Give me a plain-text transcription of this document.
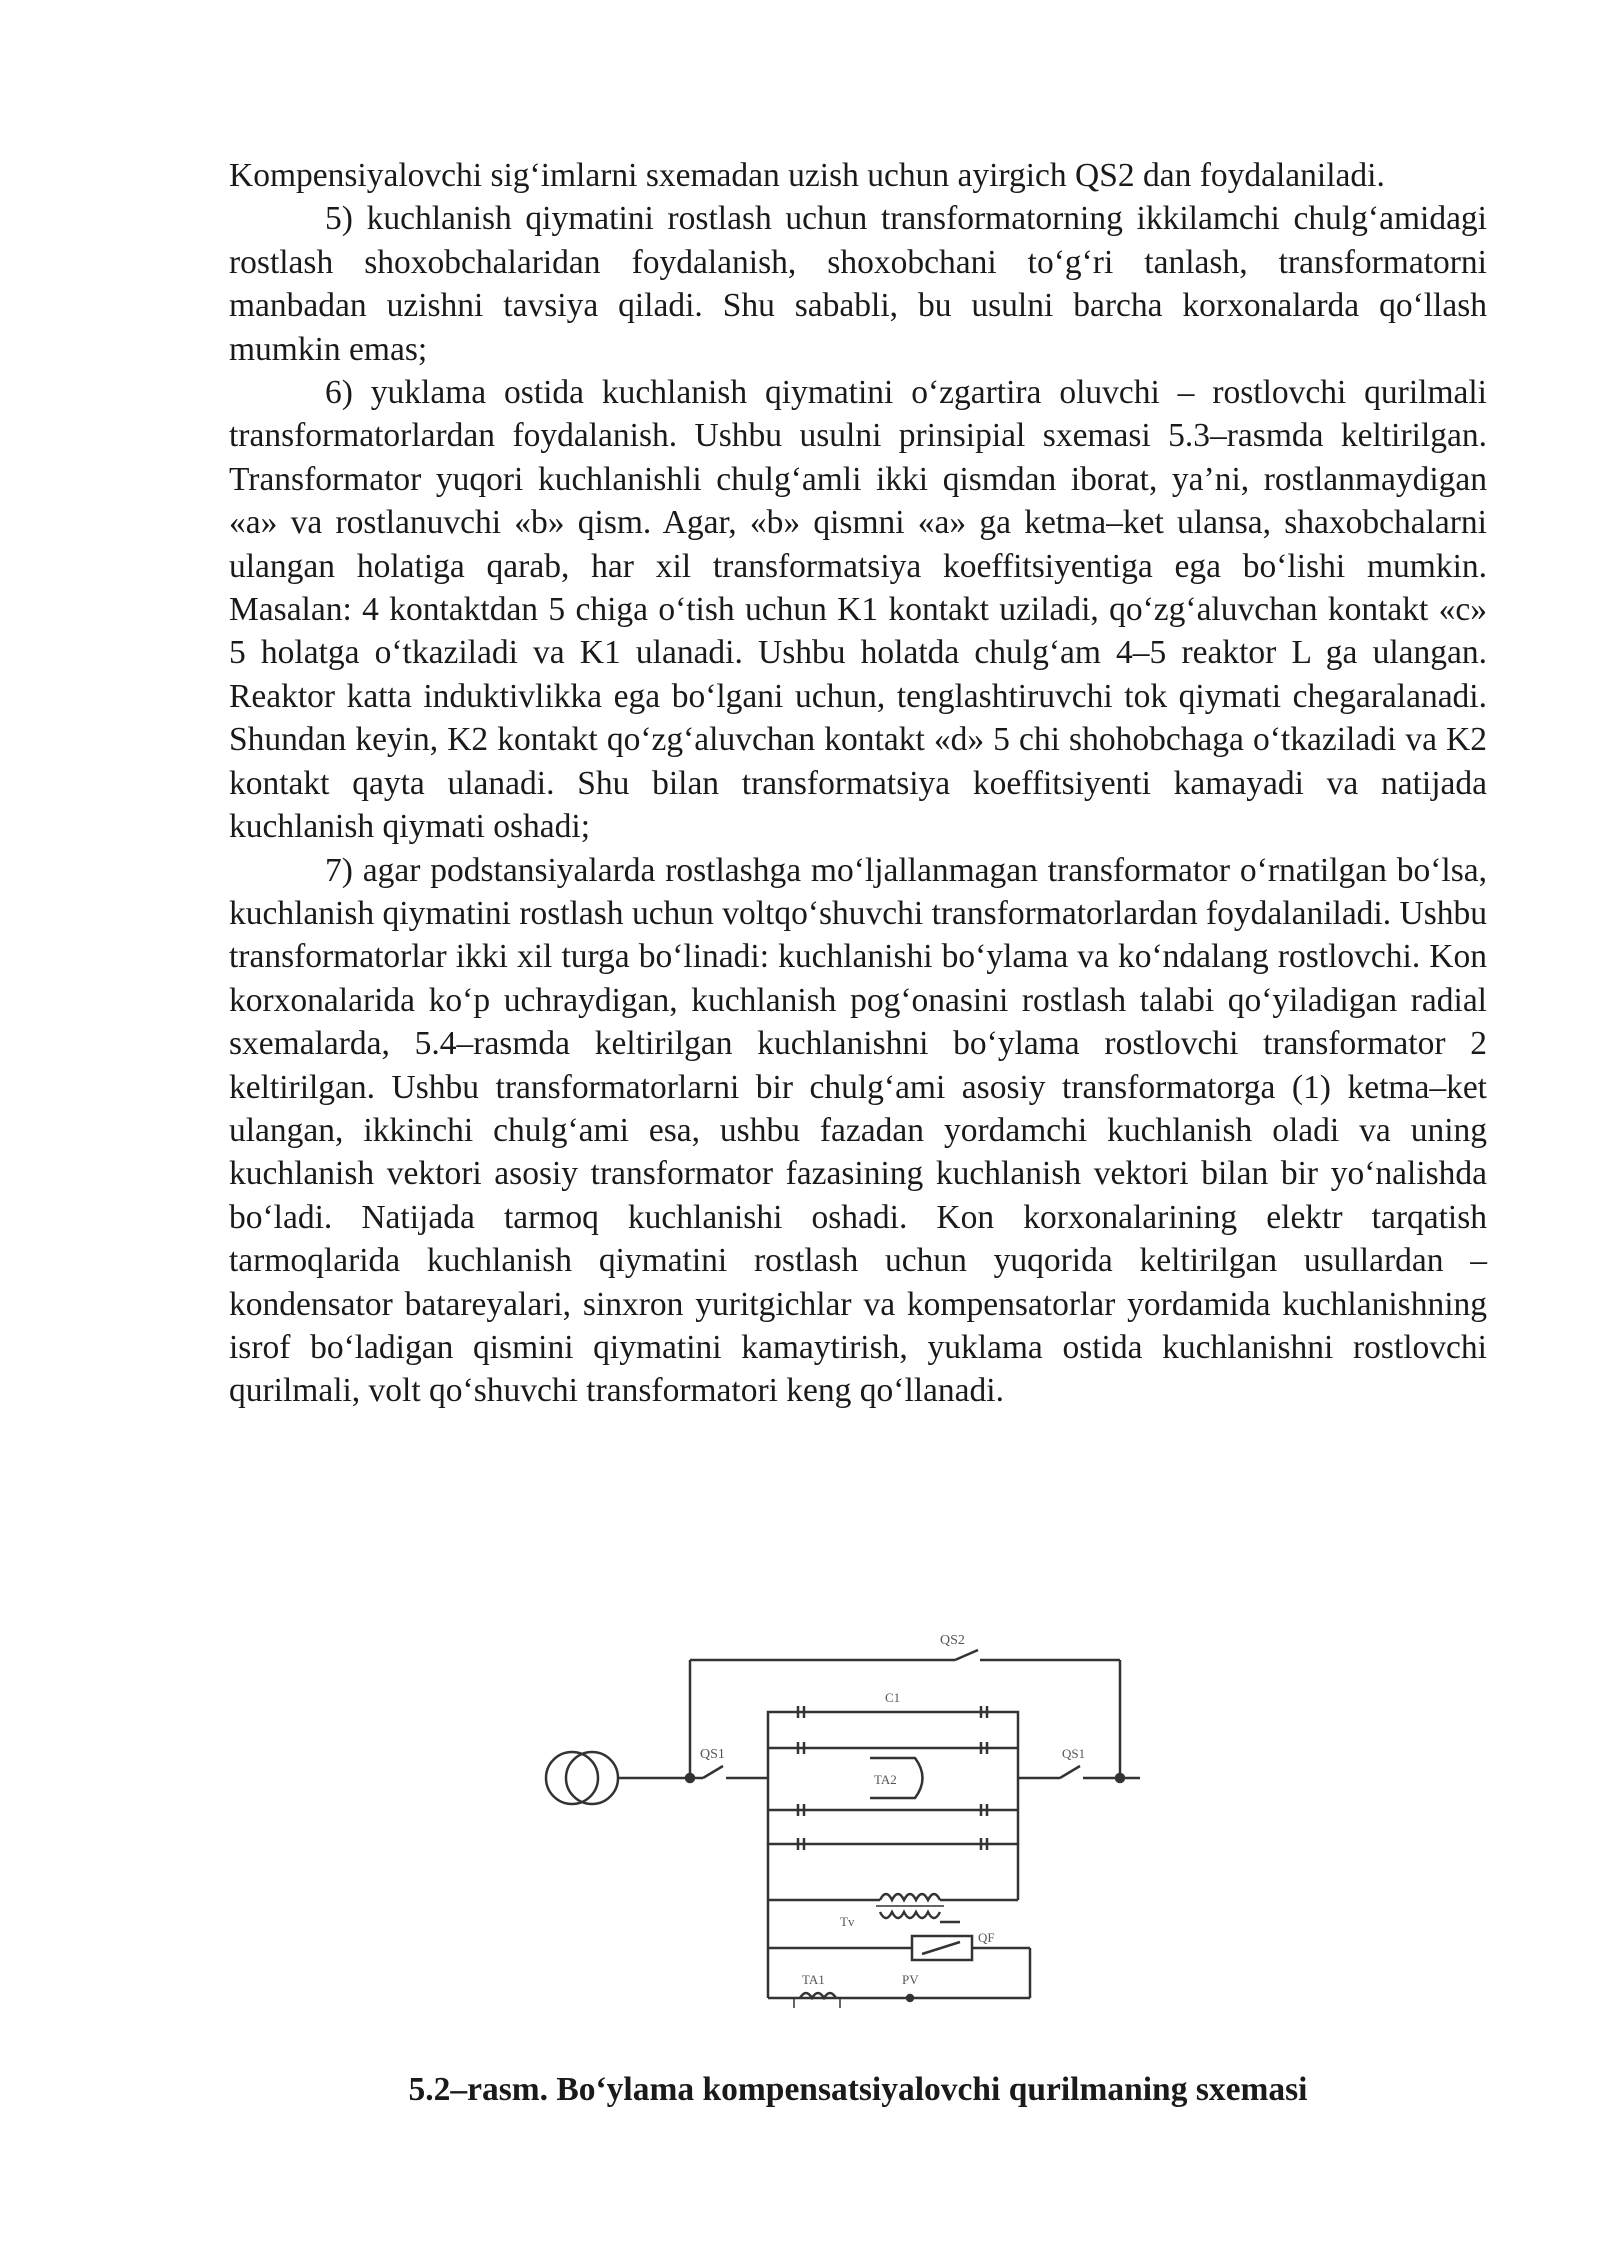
Kompensiyalovchi sig‘imlarni sxemadan uzish uchun ayirgich QS2 dan foydalaniladi.

5) kuchlanish qiymatini rostlash uchun transformatorning ikkilamchi chulg‘amidagi rostlash shoxobchalaridan foydalanish, shoxobchani to‘g‘ri tanlash, transformatorni manbadan uzishni tavsiya qiladi. Shu sababli, bu usulni barcha korxonalarda qo‘llash mumkin emas;

6) yuklama ostida kuchlanish qiymatini o‘zgartira oluvchi – rostlovchi qurilmali transformatorlardan foydalanish. Ushbu usulni prinsipial sxemasi 5.3–rasmda keltirilgan. Transformator yuqori kuchlanishli chulg‘amli ikki qismdan iborat, ya’ni, rostlanmaydigan «a» va rostlanuvchi «b» qism. Agar, «b» qismni «a» ga ketma–ket ulansa, shaxobchalarni ulangan holatiga qarab, har xil transformatsiya koeffitsiyentiga ega bo‘lishi mumkin. Masalan: 4 kontaktdan 5 chiga o‘tish uchun K1 kontakt uziladi, qo‘zg‘aluvchan kontakt «c» 5 holatga o‘tkaziladi va K1 ulanadi. Ushbu holatda chulg‘am 4–5 reaktor L ga ulangan. Reaktor katta induktivlikka ega bo‘lgani uchun, tenglashtiruvchi tok qiymati chegaralanadi. Shundan keyin, K2 kontakt qo‘zg‘aluvchan kontakt «d» 5 chi shohobchaga o‘tkaziladi va K2 kontakt qayta ulanadi. Shu bilan transformatsiya koeffitsiyenti kamayadi va natijada kuchlanish qiymati oshadi;

7) agar podstansiyalarda rostlashga mo‘ljallanmagan transformator o‘rnatilgan bo‘lsa, kuchlanish qiymatini rostlash uchun voltqo‘shuvchi transformatorlardan foydalaniladi. Ushbu transformatorlar ikki xil turga bo‘linadi: kuchlanishi bo‘ylama va ko‘ndalang rostlovchi. Kon korxonalarida ko‘p uchraydigan, kuchlanish pog‘onasini rostlash talabi qo‘yiladigan radial sxemalarda, 5.4–rasmda keltirilgan kuchlanishni bo‘ylama rostlovchi transformator 2 keltirilgan. Ushbu transformatorlarni bir chulg‘ami asosiy transformatorga (1) ketma–ket ulangan, ikkinchi chulg‘ami esa, ushbu fazadan yordamchi kuchlanish oladi va uning kuchlanish vektori asosiy transformator fazasining kuchlanish vektori bilan bir yo‘nalishda bo‘ladi. Natijada tarmoq kuchlanishi oshadi. Kon korxonalarining elektr tarqatish tarmoqlarida kuchlanish qiymatini rostlash uchun yuqorida keltirilgan usullardan – kondensator batareyalari, sinxron yuritgichlar va kompensatorlar yordamida kuchlanishning isrof bo‘ladigan qismini qiymatini kamaytirish, yuklama ostida kuchlanishni rostlovchi qurilmali, volt qo‘shuvchi transformatori keng qo‘llanadi.

QS1
QS2
C1
TA2
QS1
Tv
QF
TA1	PV
5.2–rasm. Bo‘ylama kompensatsiyalovchi qurilmaning sxemasi
